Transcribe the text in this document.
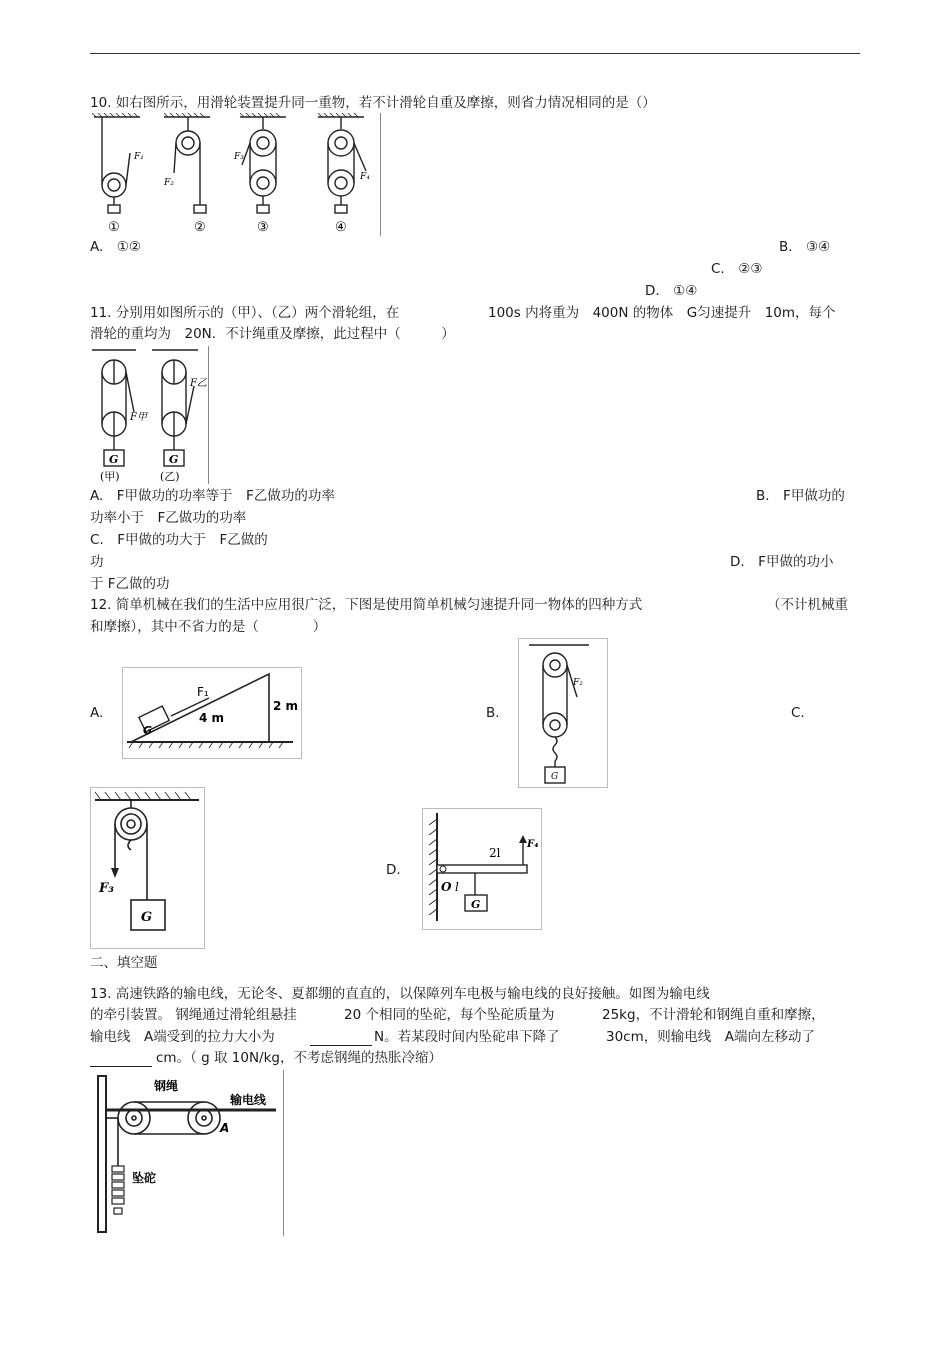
10. 如右图所示，用滑轮装置提升同一重物，若不计滑轮自重及摩擦，则省力情况相同的是（）
F₁
F₂
F₃
F₄
①	②	③	④
A.　①②	B.　③④
C.　②③
D.　①④
11. 分别用如图所示的（甲）、（乙）两个滑轮组，在	100s 内将重为　400N 的物体　G匀速提升　10m，每个
滑轮的重均为　20N．不计绳重及摩擦，此过程中（　　　）
F甲
F乙
G	G
(甲)	(乙)
A.　F甲做功的功率等于　F乙做功的功率	B.　F甲做功的
功率小于　F乙做功的功率
C.　F甲做的功大于　F乙做的
功	D.　F甲做的功小
于 F乙做的功
12. 简单机械在我们的生活中应用很广泛，下图是使用简单机械匀速提升同一物体的四种方式	（不计机械重
和摩擦），其中不省力的是（　　　　）
A.
F₁
4 m
2 m
G
B.
F₂
G
C.
F₃
G
D.
F₄
2l
l
O
G
二、填空题
13. 高速铁路的输电线，无论冬、夏都绷的直直的，以保障列车电极与输电线的良好接触。如图为输电线
的牵引装置。 钢绳通过滑轮组悬挂	20 个相同的坠砣，每个坠砣质量为	25kg，不计滑轮和钢绳自重和摩擦，
输电线　A端受到的拉力大小为	N。若某段时间内坠砣串下降了	30cm，则输电线　A端向左移动了
cm。（ g 取 10N/kg，不考虑钢绳的热胀冷缩）
钢绳
输电线
A
坠砣
